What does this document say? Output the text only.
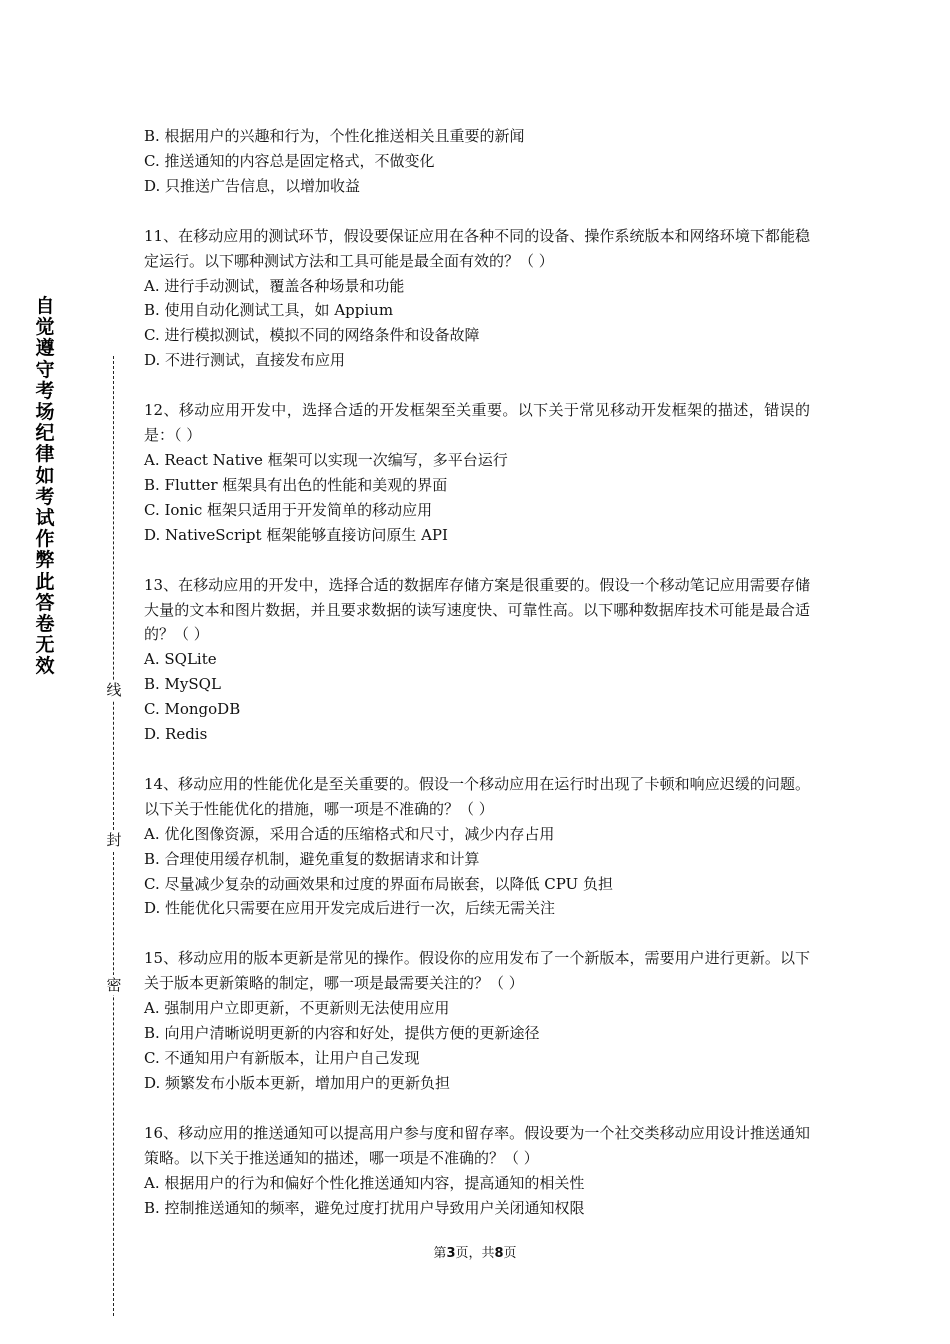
自
觉
遵
守
考
场
纪
律
如
考
试
作
弊
此
答
卷
无
效
线
封
密

B. 根据用户的兴趣和行为，个性化推送相关且重要的新闻

C. 推送通知的内容总是固定格式，不做变化

D. 只推送广告信息，以增加收益

11、在移动应用的测试环节，假设要保证应用在各种不同的设备、操作系统版本和网络环境下都能稳定运行。以下哪种测试方法和工具可能是最全面有效的？（ ）

A. 进行手动测试，覆盖各种场景和功能

B. 使用自动化测试工具，如 Appium

C. 进行模拟测试，模拟不同的网络条件和设备故障

D. 不进行测试，直接发布应用

12、移动应用开发中，选择合适的开发框架至关重要。以下关于常见移动开发框架的描述，错误的是：（ ）

A. React Native 框架可以实现一次编写，多平台运行

B. Flutter 框架具有出色的性能和美观的界面

C. Ionic 框架只适用于开发简单的移动应用

D. NativeScript 框架能够直接访问原生 API

13、在移动应用的开发中，选择合适的数据库存储方案是很重要的。假设一个移动笔记应用需要存储大量的文本和图片数据，并且要求数据的读写速度快、可靠性高。以下哪种数据库技术可能是最合适的？（ ）

A. SQLite

B. MySQL

C. MongoDB

D. Redis

14、移动应用的性能优化是至关重要的。假设一个移动应用在运行时出现了卡顿和响应迟缓的问题。以下关于性能优化的措施，哪一项是不准确的？（ ）

A. 优化图像资源，采用合适的压缩格式和尺寸，减少内存占用

B. 合理使用缓存机制，避免重复的数据请求和计算

C. 尽量减少复杂的动画效果和过度的界面布局嵌套，以降低 CPU 负担

D. 性能优化只需要在应用开发完成后进行一次，后续无需关注

15、移动应用的版本更新是常见的操作。假设你的应用发布了一个新版本，需要用户进行更新。以下关于版本更新策略的制定，哪一项是最需要关注的？（ ）

A. 强制用户立即更新，不更新则无法使用应用

B. 向用户清晰说明更新的内容和好处，提供方便的更新途径

C. 不通知用户有新版本，让用户自己发现

D. 频繁发布小版本更新，增加用户的更新负担

16、移动应用的推送通知可以提高用户参与度和留存率。假设要为一个社交类移动应用设计推送通知策略。以下关于推送通知的描述，哪一项是不准确的？（ ）

A. 根据用户的行为和偏好个性化推送通知内容，提高通知的相关性

B. 控制推送通知的频率，避免过度打扰用户导致用户关闭通知权限

第3页，共8页
